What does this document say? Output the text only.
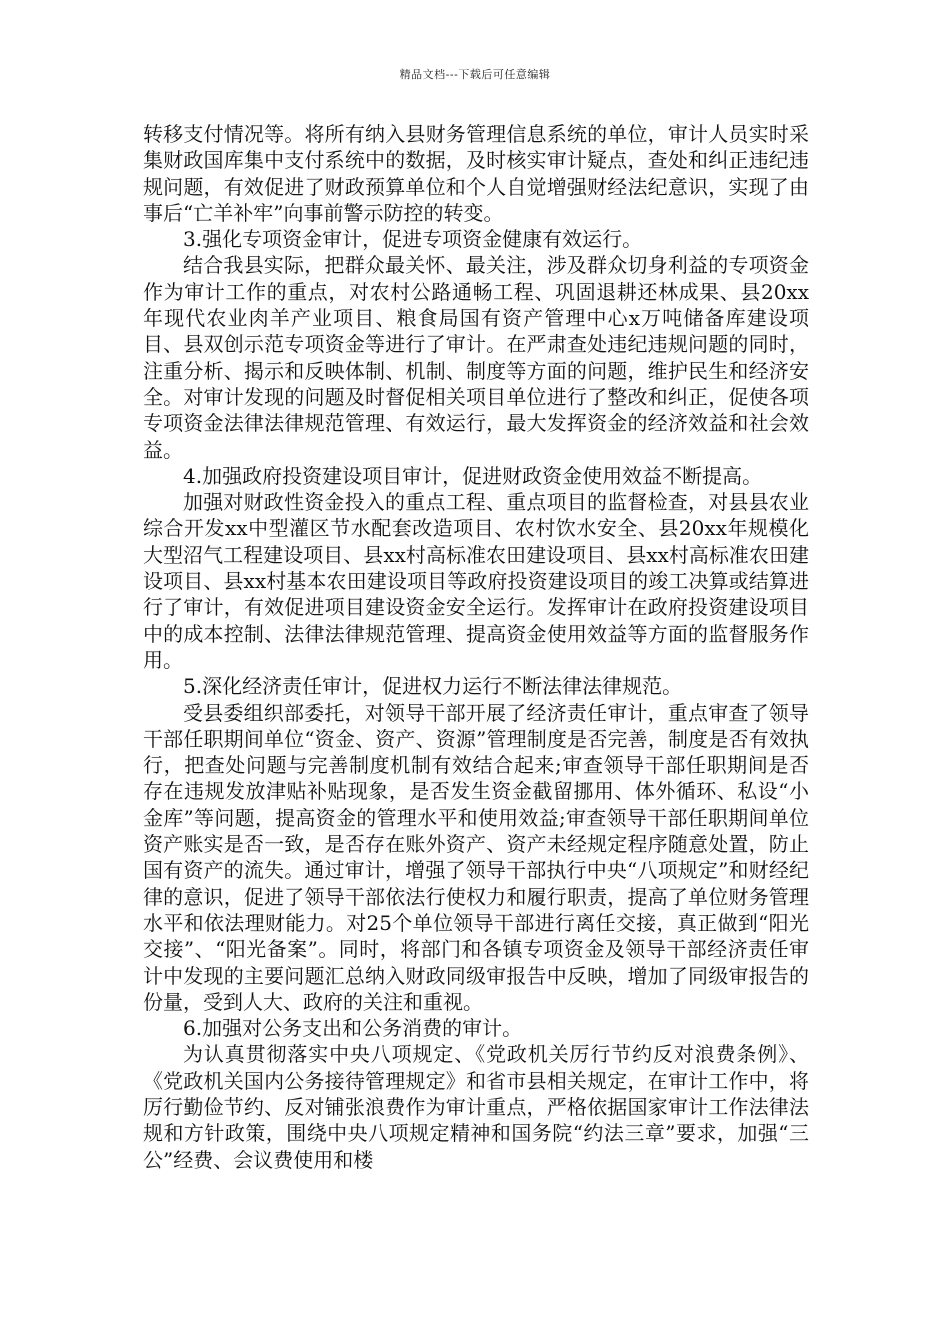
精品文档---下载后可任意编辑

转移支付情况等。将所有纳入县财务管理信息系统的单位，审计人员实时采集财政国库集中支付系统中的数据，及时核实审计疑点，查处和纠正违纪违规问题，有效促进了财政预算单位和个人自觉增强财经法纪意识，实现了由事后“亡羊补牢”向事前警示防控的转变。

3.强化专项资金审计，促进专项资金健康有效运行。

结合我县实际，把群众最关怀、最关注，涉及群众切身利益的专项资金作为审计工作的重点，对农村公路通畅工程、巩固退耕还林成果、县20xx年现代农业肉羊产业项目、粮食局国有资产管理中心x万吨储备库建设项目、县双创示范专项资金等进行了审计。在严肃查处违纪违规问题的同时，注重分析、揭示和反映体制、机制、制度等方面的问题，维护民生和经济安全。对审计发现的问题及时督促相关项目单位进行了整改和纠正，促使各项专项资金法律法律规范管理、有效运行，最大发挥资金的经济效益和社会效益。

4.加强政府投资建设项目审计，促进财政资金使用效益不断提高。

加强对财政性资金投入的重点工程、重点项目的监督检查，对县县农业综合开发xx中型灌区节水配套改造项目、农村饮水安全、县20xx年规模化大型沼气工程建设项目、县xx村高标准农田建设项目、县xx村高标准农田建设项目、县xx村基本农田建设项目等政府投资建设项目的竣工决算或结算进行了审计，有效促进项目建设资金安全运行。发挥审计在政府投资建设项目中的成本控制、法律法律规范管理、提高资金使用效益等方面的监督服务作用。

5.深化经济责任审计，促进权力运行不断法律法律规范。

受县委组织部委托，对领导干部开展了经济责任审计，重点审查了领导干部任职期间单位“资金、资产、资源”管理制度是否完善，制度是否有效执行，把查处问题与完善制度机制有效结合起来;审查领导干部任职期间是否存在违规发放津贴补贴现象，是否发生资金截留挪用、体外循环、私设“小金库”等问题，提高资金的管理水平和使用效益;审查领导干部任职期间单位资产账实是否一致，是否存在账外资产、资产未经规定程序随意处置，防止国有资产的流失。通过审计，增强了领导干部执行中央“八项规定”和财经纪律的意识，促进了领导干部依法行使权力和履行职责，提高了单位财务管理水平和依法理财能力。对25个单位领导干部进行离任交接，真正做到“阳光交接”、“阳光备案”。同时，将部门和各镇专项资金及领导干部经济责任审计中发现的主要问题汇总纳入财政同级审报告中反映，增加了同级审报告的份量，受到人大、政府的关注和重视。

6.加强对公务支出和公务消费的审计。

为认真贯彻落实中央八项规定、《党政机关厉行节约反对浪费条例》、《党政机关国内公务接待管理规定》和省市县相关规定，在审计工作中，将厉行勤俭节约、反对铺张浪费作为审计重点，严格依据国家审计工作法律法规和方针政策，围绕中央八项规定精神和国务院“约法三章”要求，加强“三公”经费、会议费使用和楼
